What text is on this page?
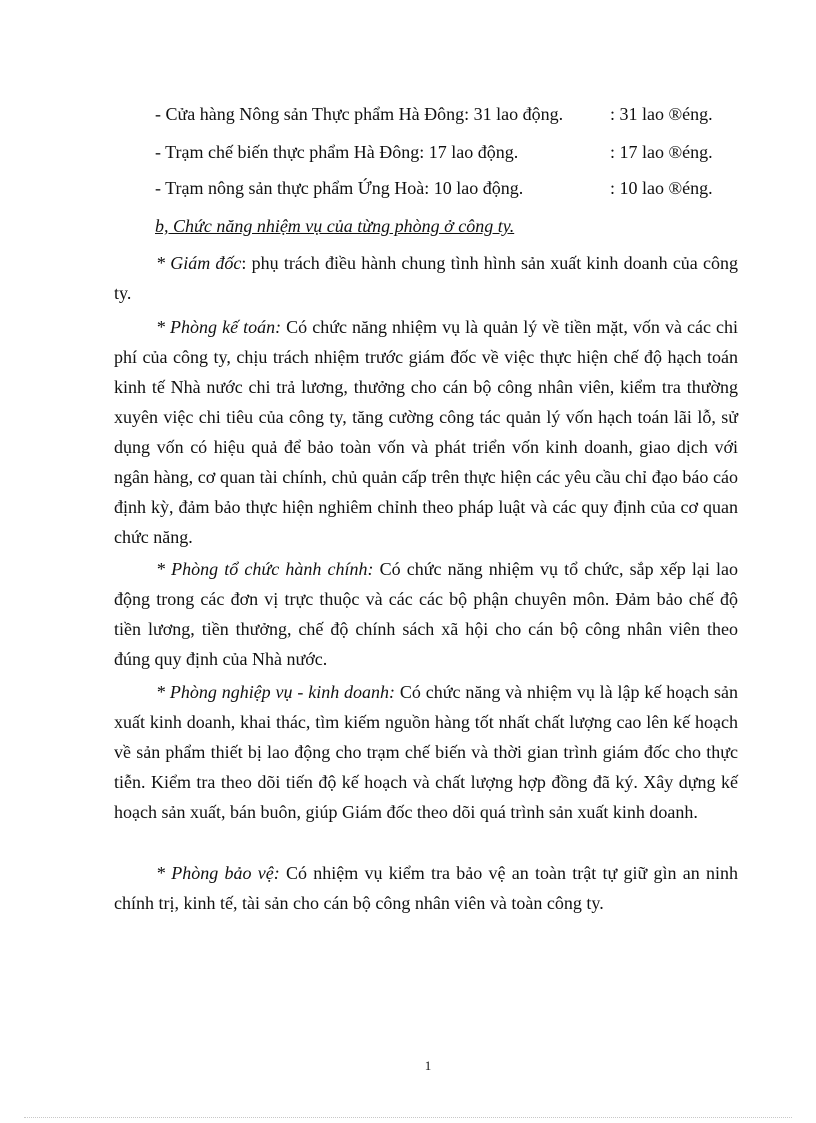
- Cửa hàng Nông sản Thực phẩm Hà Đông: 31 lao động.	: 31 lao ®éng.
- Trạm chế biến thực phẩm Hà Đông: 17 lao động.	: 17 lao ®éng.
- Trạm nông sản thực phẩm Ứng Hoà: 10 lao động.	: 10 lao ®éng.
b, Chức năng nhiệm vụ của từng phòng ở công ty.

* Giám đốc: phụ trách điều hành chung tình hình sản xuất kinh doanh của công ty.

* Phòng kế toán: Có chức năng nhiệm vụ là quản lý về tiền mặt, vốn và các chi phí của công ty, chịu trách nhiệm trước giám đốc về việc thực hiện chế độ hạch toán kinh tế Nhà nước chi trả lương, thưởng cho cán bộ công nhân viên, kiểm tra thường xuyên việc chi tiêu của công ty, tăng cường công tác quản lý vốn hạch toán lãi lỗ, sử dụng vốn có hiệu quả để bảo toàn vốn và phát triển vốn kinh doanh, giao dịch với ngân hàng, cơ quan tài chính, chủ quản cấp trên thực hiện các yêu cầu chỉ đạo báo cáo định kỳ, đảm bảo thực hiện nghiêm chỉnh theo pháp luật và các quy định của cơ quan chức năng.

* Phòng tổ chức hành chính: Có chức năng nhiệm vụ tổ chức, sắp xếp lại lao động trong các đơn vị trực thuộc và các các bộ phận chuyên môn. Đảm bảo chế độ tiền lương, tiền thưởng, chế độ chính sách xã hội cho cán bộ công nhân viên theo đúng quy định của Nhà nước.

* Phòng nghiệp vụ - kinh doanh: Có chức năng và nhiệm vụ là lập kế hoạch sản xuất kinh doanh, khai thác, tìm kiếm nguồn hàng tốt nhất chất lượng cao lên kế hoạch về sản phẩm thiết bị lao động cho trạm chế biến và thời gian trình giám đốc cho thực tiễn. Kiểm tra theo dõi tiến độ kế hoạch và chất lượng hợp đồng đã ký. Xây dựng kế hoạch sản xuất, bán buôn, giúp Giám đốc theo dõi quá trình sản xuất kinh doanh.

* Phòng bảo vệ: Có nhiệm vụ kiểm tra bảo vệ an toàn trật tự giữ gìn an ninh chính trị, kinh tế, tài sản cho cán bộ công nhân viên và toàn công ty.

1
